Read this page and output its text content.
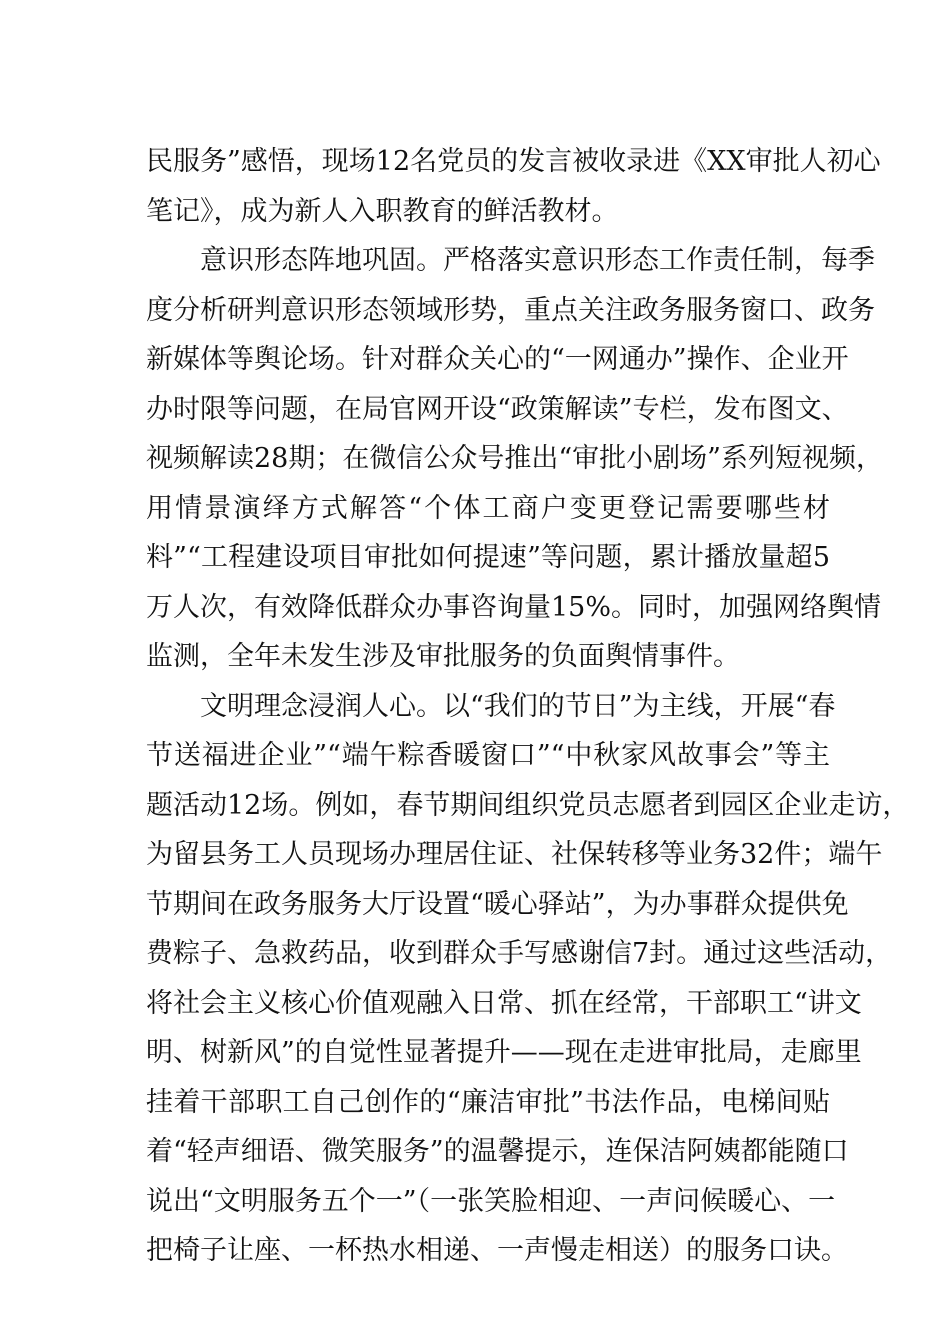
民服务”感悟，现场12名党员的发言被收录进《XX审批人初心
笔记》，成为新人入职教育的鲜活教材。
意识形态阵地巩固。严格落实意识形态工作责任制，每季
度分析研判意识形态领域形势，重点关注政务服务窗口、政务
新媒体等舆论场。针对群众关心的“一网通办”操作、企业开
办时限等问题，在局官网开设“政策解读”专栏，发布图文、
视频解读28期；在微信公众号推出“审批小剧场”系列短视频，
用情景演绎方式解答“个体工商户变更登记需要哪些材
料”“工程建设项目审批如何提速”等问题，累计播放量超5
万人次，有效降低群众办事咨询量15%。同时，加强网络舆情
监测，全年未发生涉及审批服务的负面舆情事件。
文明理念浸润人心。以“我们的节日”为主线，开展“春
节送福进企业”“端午粽香暖窗口”“中秋家风故事会”等主
题活动12场。例如，春节期间组织党员志愿者到园区企业走访，
为留县务工人员现场办理居住证、社保转移等业务32件；端午
节期间在政务服务大厅设置“暖心驿站”，为办事群众提供免
费粽子、急救药品，收到群众手写感谢信7封。通过这些活动，
将社会主义核心价值观融入日常、抓在经常，干部职工“讲文
明、树新风”的自觉性显著提升——现在走进审批局，走廊里
挂着干部职工自己创作的“廉洁审批”书法作品，电梯间贴
着“轻声细语、微笑服务”的温馨提示，连保洁阿姨都能随口
说出“文明服务五个一”（一张笑脸相迎、一声问候暖心、一
把椅子让座、一杯热水相递、一声慢走相送）的服务口诀。
